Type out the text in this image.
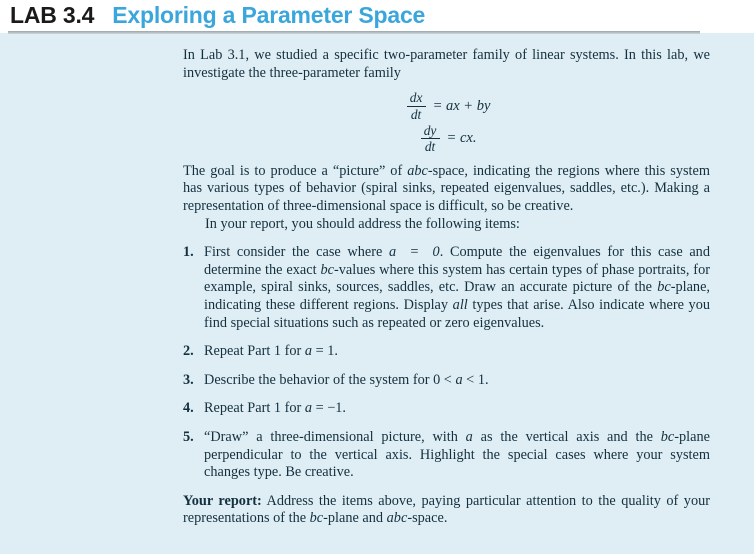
LAB 3.4 Exploring a Parameter Space

In Lab 3.1, we studied a specific two-parameter family of linear systems. In this lab, we investigate the three-parameter family

$\frac{dx}{dt}$ = ax + by
$\frac{dy}{dt}$ = cx.

The goal is to produce a “picture” of abc-space, indicating the regions where this system has various types of behavior (spiral sinks, repeated eigenvalues, saddles, etc.). Making a representation of three-dimensional space is difficult, so be creative.

In your report, you should address the following items:

1. First consider the case where a  =  0. Compute the eigenvalues for this case and determine the exact bc-values where this system has certain types of phase portraits, for example, spiral sinks, sources, saddles, etc. Draw an accurate picture of the bc-plane, indicating these different regions. Display all types that arise. Also indicate where you find special situations such as repeated or zero eigenvalues.
2. Repeat Part 1 for a = 1.
3. Describe the behavior of the system for 0 < a < 1.
4. Repeat Part 1 for a = −1.
5. “Draw” a three-dimensional picture, with a as the vertical axis and the bc-plane perpendicular to the vertical axis. Highlight the special cases where your system changes type. Be creative.

Your report: Address the items above, paying particular attention to the quality of your representations of the bc-plane and abc-space.
